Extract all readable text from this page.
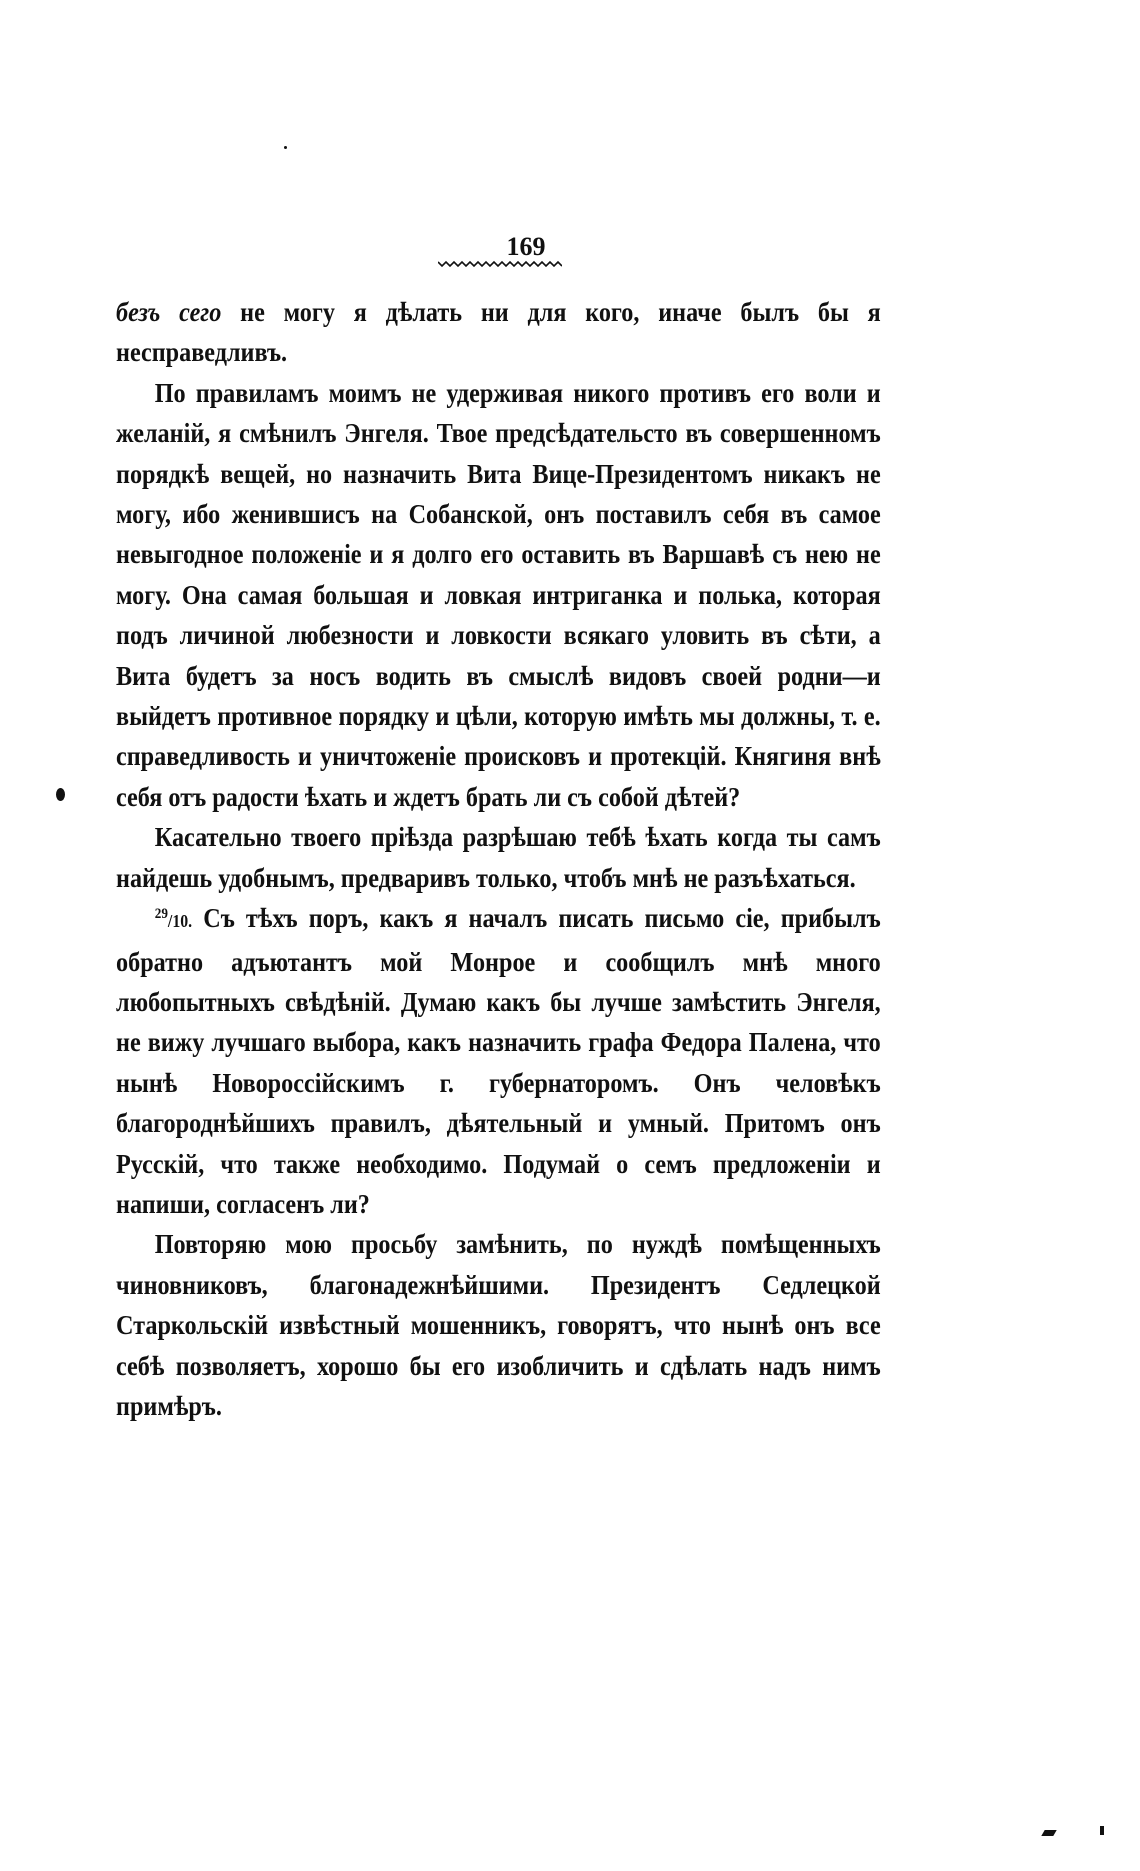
169

безъ сего не могу я дѣлать ни для кого, иначе былъ бы я несправедливъ.

По правиламъ моимъ не удерживая никого противъ его воли и желаній, я смѣнилъ Энгеля. Твое предсѣдательсто въ совершенномъ порядкѣ вещей, но назначить Вита Вице-Президентомъ никакъ не могу, ибо женившисъ на Собанской, онъ поставилъ себя въ самое невыгодное положеніе и я долго его оставить въ Варшавѣ съ нею не могу. Она самая большая и ловкая интриганка и полька, которая подъ личиной любезности и ловкости всякаго уловить въ сѣти, а Вита будетъ за носъ водить въ смыслѣ видовъ своей родни—и выйдетъ противное порядку и цѣли, которую имѣть мы должны, т. е. справедливость и уничтоженіе происковъ и протекцій. Княгиня внѣ себя отъ радости ѣхать и ждетъ брать ли съ собой дѣтей?

Касательно твоего пріѣзда разрѣшаю тебѣ ѣхать когда ты самъ найдешь удобнымъ, предваривъ только, чтобъ мнѣ не разъѣхаться.

$^{29}$/10. Съ тѣхъ поръ, какъ я началъ писать письмо сіе, прибылъ обратно адъютантъ мой Монрое и сообщилъ мнѣ много любопытныхъ свѣдѣній. Думаю какъ бы лучше замѣстить Энгеля, не вижу лучшаго выбора, какъ назначить графа Федора Палена, что нынѣ Новороссійскимъ г. губернаторомъ. Онъ человѣкъ благороднѣйшихъ правилъ, дѣятельный и умный. Притомъ онъ Русскій, что также необходимо. Подумай о семъ предложеніи и напиши, согласенъ ли?

Повторяю мою просьбу замѣнить, по нуждѣ помѣщенныхъ чиновниковъ, благонадежнѣйшими. Президентъ Седлецкой Старкольскій извѣстный мошенникъ, говорятъ, что нынѣ онъ все себѣ позволяетъ, хорошо бы его изобличить и сдѣлать надъ нимъ примѣръ.
